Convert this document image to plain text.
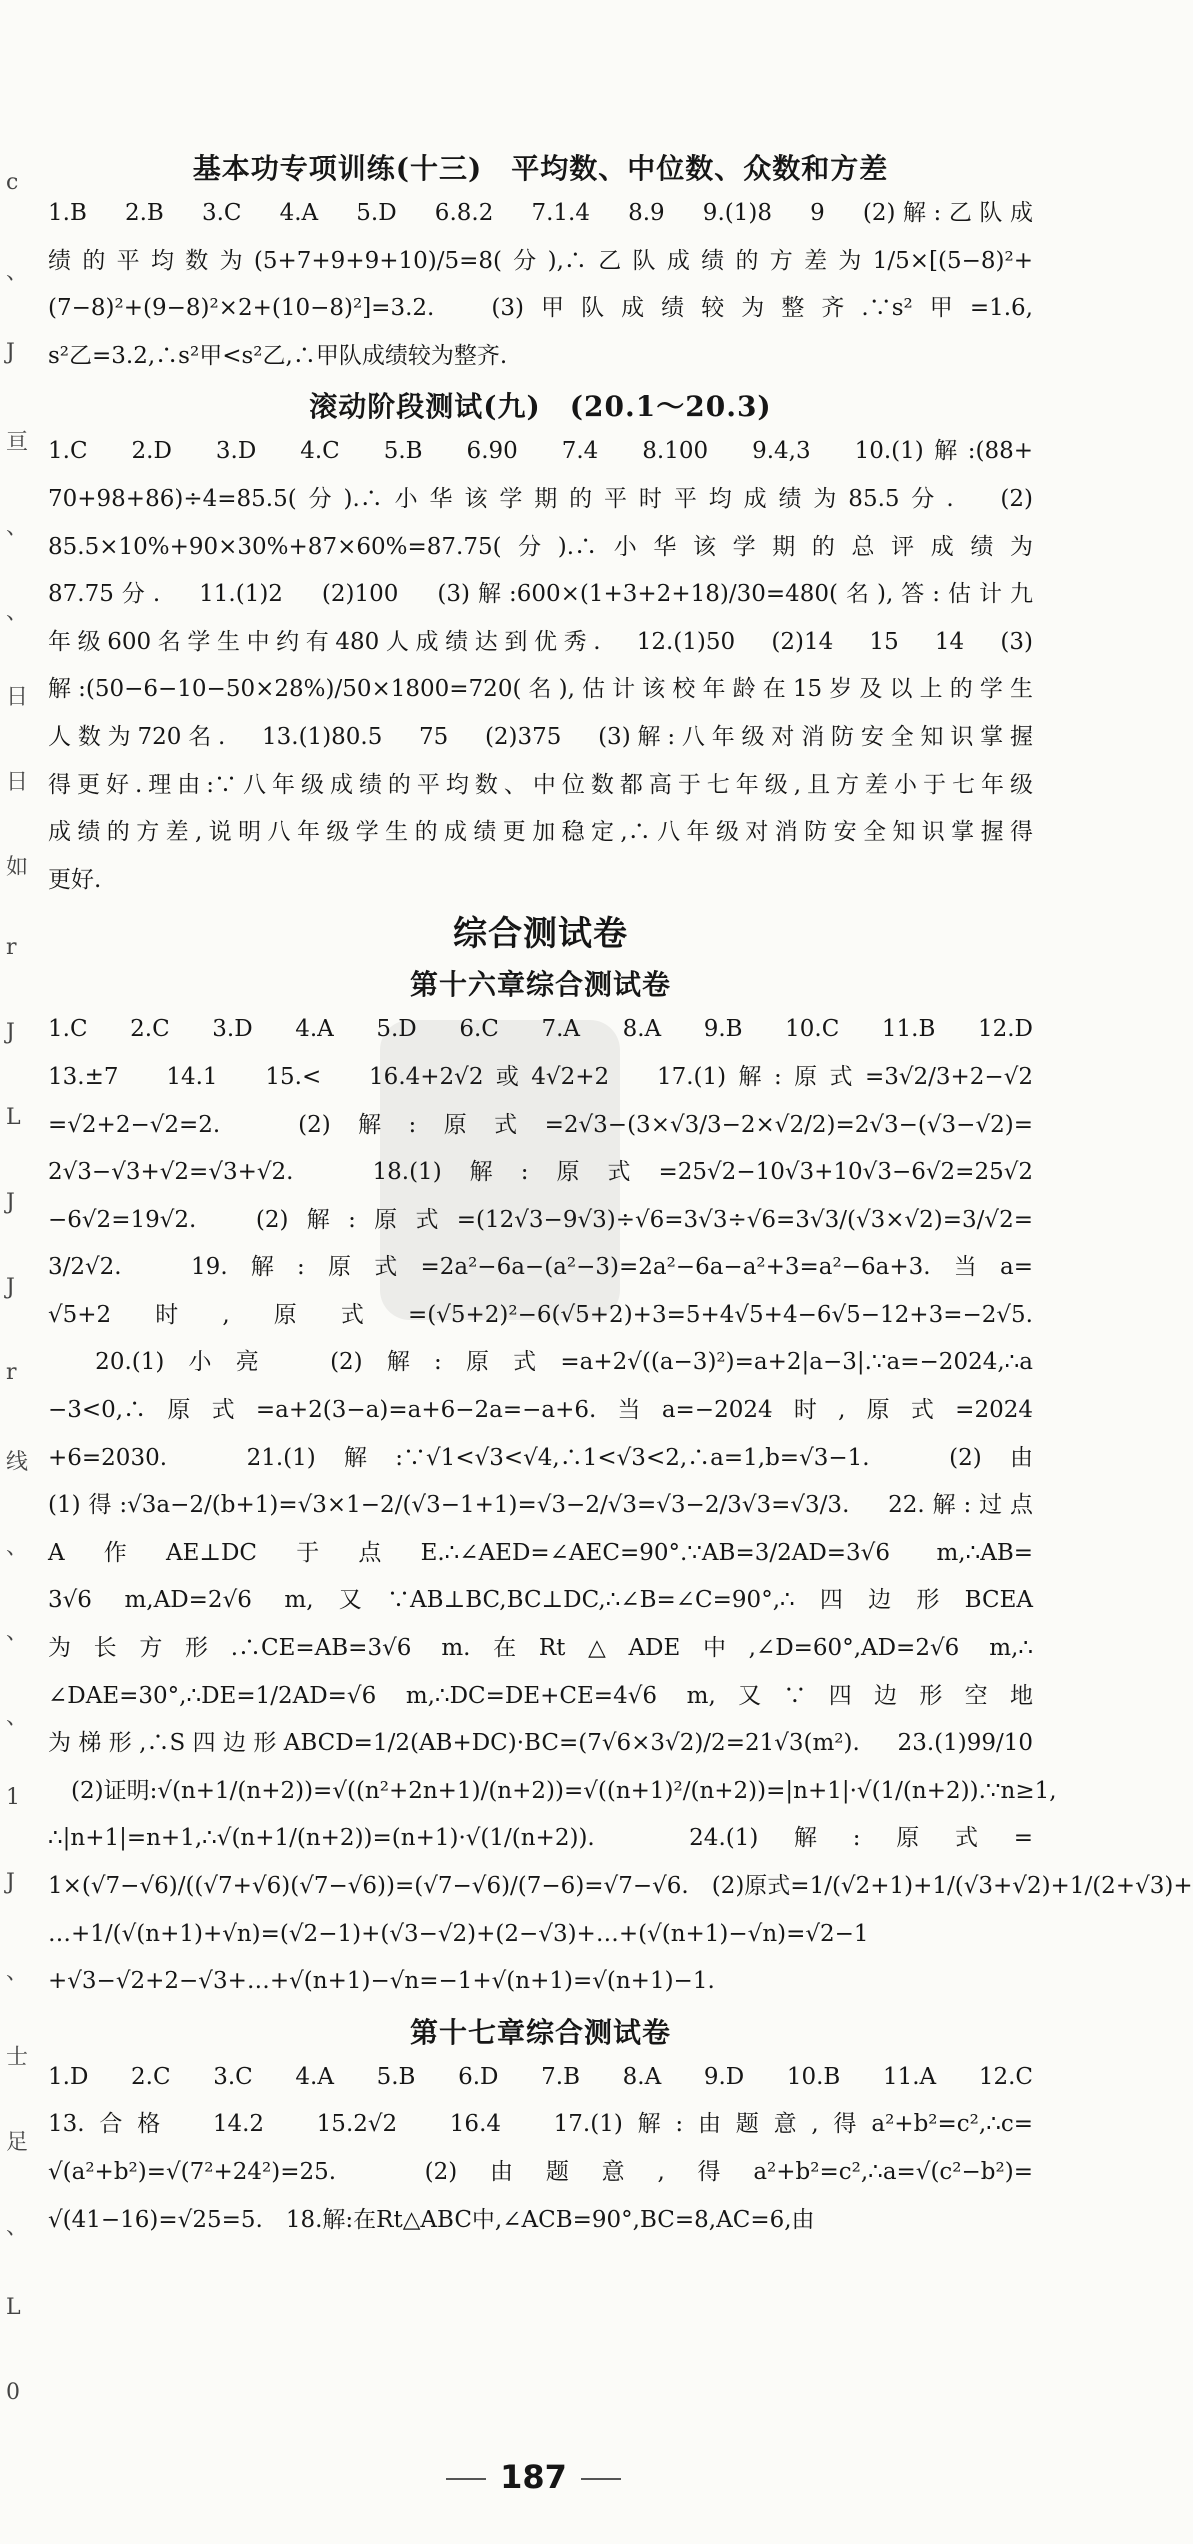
c
、
J
亘
、
、
日
日
如
r
J
L
J
J
r
线
、
、
、
1
J
、
士
足
、
L
0
基本功专项训练(十三)　平均数、中位数、众数和方差

1.B　2.B　3.C　4.A　5.D　6.8.2　7.1.4　8.9　9.(1)8　9　(2)解:乙队成

绩的平均数为(5+7+9+9+10)/5=8(分),∴乙队成绩的方差为1/5×[(5−8)²+

(7−8)²+(9−8)²×2+(10−8)²]=3.2.　(3)甲队成绩较为整齐.∵s²甲=1.6,

s²乙=3.2,∴s²甲<s²乙,∴甲队成绩较为整齐.

滚动阶段测试(九)　(20.1～20.3)

1.C　2.D　3.D　4.C　5.B　6.90　7.4　8.100　9.4,3　10.(1)解:(88+

70+98+86)÷4=85.5(分).∴小华该学期的平时平均成绩为85.5分.　(2)

85.5×10%+90×30%+87×60%=87.75(分).∴小华该学期的总评成绩为

87.75分.　11.(1)2　(2)100　(3)解:600×(1+3+2+18)/30=480(名),答:估计九

年级600名学生中约有480人成绩达到优秀.　12.(1)50　(2)14　15　14　(3)

解:(50−6−10−50×28%)/50×1800=720(名),估计该校年龄在15岁及以上的学生

人数为720名.　13.(1)80.5　75　(2)375　(3)解:八年级对消防安全知识掌握

得更好.理由:∵八年级成绩的平均数、中位数都高于七年级,且方差小于七年级

成绩的方差,说明八年级学生的成绩更加稳定,∴八年级对消防安全知识掌握得

更好.

综合测试卷
第十六章综合测试卷

1.C　2.C　3.D　4.A　5.D　6.C　7.A　8.A　9.B　10.C　11.B　12.D

13.±7　14.1　15.<　16.4+2√2或4√2+2　17.(1)解:原式=3√2/3+2−√2

=√2+2−√2=2.　(2)解:原式=2√3−(3×√3/3−2×√2/2)=2√3−(√3−√2)=

2√3−√3+√2=√3+√2.　18.(1)解:原式=25√2−10√3+10√3−6√2=25√2

−6√2=19√2.　(2)解:原式=(12√3−9√3)÷√6=3√3÷√6=3√3/(√3×√2)=3/√2=

3/2√2.　19.解:原式=2a²−6a−(a²−3)=2a²−6a−a²+3=a²−6a+3.当a=

√5+2时,原式=(√5+2)²−6(√5+2)+3=5+4√5+4−6√5−12+3=−2√5.

　20.(1)小亮　(2)解:原式=a+2√((a−3)²)=a+2|a−3|.∵a=−2024,∴a

−3<0,∴原式=a+2(3−a)=a+6−2a=−a+6.当a=−2024时,原式=2024

+6=2030.　21.(1)解:∵√1<√3<√4,∴1<√3<2,∴a=1,b=√3−1.　(2)由

(1)得:√3a−2/(b+1)=√3×1−2/(√3−1+1)=√3−2/√3=√3−2/3√3=√3/3.　22.解:过点

A作AE⊥DC于点E.∴∠AED=∠AEC=90°.∵AB=3/2AD=3√6 m,∴AB=

3√6 m,AD=2√6 m,又∵AB⊥BC,BC⊥DC,∴∠B=∠C=90°,∴四边形BCEA

为长方形.∴CE=AB=3√6 m.在Rt△ADE中,∠D=60°,AD=2√6 m,∴

∠DAE=30°,∴DE=1/2AD=√6 m,∴DC=DE+CE=4√6 m,又∵四边形空地

为梯形,∴S四边形ABCD=1/2(AB+DC)·BC=(7√6×3√2)/2=21√3(m²).　23.(1)99/10

　(2)证明:√(n+1/(n+2))=√((n²+2n+1)/(n+2))=√((n+1)²/(n+2))=|n+1|·√(1/(n+2)).∵n≥1,

∴|n+1|=n+1,∴√(n+1/(n+2))=(n+1)·√(1/(n+2)).　24.(1)解:原式=

1×(√7−√6)/((√7+√6)(√7−√6))=(√7−√6)/(7−6)=√7−√6.　(2)原式=1/(√2+1)+1/(√3+√2)+1/(2+√3)+

…+1/(√(n+1)+√n)=(√2−1)+(√3−√2)+(2−√3)+…+(√(n+1)−√n)=√2−1

+√3−√2+2−√3+…+√(n+1)−√n=−1+√(n+1)=√(n+1)−1.

第十七章综合测试卷

1.D　2.C　3.C　4.A　5.B　6.D　7.B　8.A　9.D　10.B　11.A　12.C

13.合格　14.2　15.2√2　16.4　17.(1)解:由题意,得a²+b²=c²,∴c=

√(a²+b²)=√(7²+24²)=25.　(2)由题意,得a²+b²=c²,∴a=√(c²−b²)=

√(41−16)=√25=5.　18.解:在Rt△ABC中,∠ACB=90°,BC=8,AC=6,由

187
